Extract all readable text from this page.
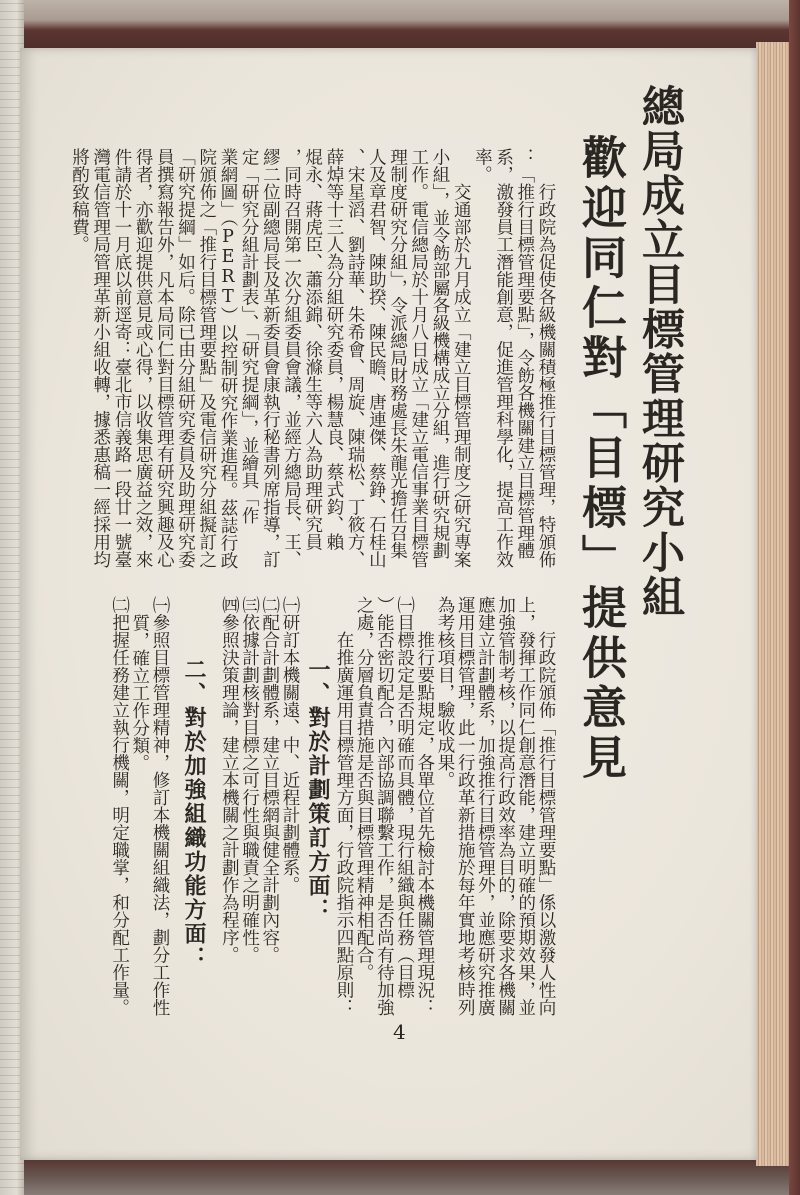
總局成立目標管理研究小組
歡迎同仁對「目標」提供意見
行政院為促使各級機關積極推行目標管理，特頒佈
：「推行目標管理要點」，令飭各機關建立目標管理體
系，激發員工潛能創意，促進管理科學化，提高工作效
率。
交通部於九月成立「建立目標管理制度之研究專案
小組」，並令飭部屬各級機構成立分組，進行研究規劃
工作。電信總局於十月八日成立「建立電信事業目標管
理制度研究分組」，令派總局財務處長朱龍光擔任召集
人及章君智、陳助揆、陳民瞻、唐連傑、蔡錚、石桂山
、宋星滔、劉詩華、朱希會、周旋、陳瑞松、丁筱方、
薛焯等十三人為分組研究委員，楊慧良、蔡式鈞、賴
焜永、蔣虎臣、蕭添錦、徐滌生等六人為助理研究員
，同時召開第一次分組委員會議，並經方總局長、王、
繆二位副總局長及革新委員會康執行秘書列席指導，訂
定「研究分組計劃表」、「研究提綱」，並繪具「作
業網圖」（PERT）以控制研究作業進程。茲誌行政
院頒佈之「推行目標管理要點」及電信研究分組擬訂之
「研究提綱」如后。除已由分組研究委員及助理研究委
員撰寫報告外，凡本局同仁對目標管理有研究興趣及心
得者，亦歡迎提供意見或心得，以收集思廣益之效，來
件請於十一月底以前逕寄：臺北市信義路一段廿一號臺
灣電信管理局管理革新小組收轉，據悉惠稿一經採用均
將酌致稿費。
行政院頒佈「推行目標管理要點」係以激發人性向
上，發揮工作同仁創意潛能，建立明確的預期效果，並
加強管制考核，以提高行政效率為目的，除要求各機關
應建立計劃體系，加強推行目標管理外，並應研究推廣
運用目標管理，此一行政革新措施於每年實地考核時列
為考核項目，驗收成果。
推行要點規定，各單位首先檢討本機關管理現況：
㈠目標設定是否明確而具體，現行組織與任務（目標
）能否密切配合，內部協調聯繫工作，是否尚有待加強
之處，分層負責措施是否與目標管理精神相配合。
在推廣運用目標管理方面，行政院指示四點原則：
一、對於計劃策訂方面：
㈠研訂本機關遠、中、近程計劃體系。
㈡配合計劃體系，建立目標網與健全計劃內容。
㈢依據計劃核對目標之可行性與職責之明確性。
㈣參照決策理論，建立本機關之計劃作為程序。
二、對於加強組織功能方面：
㈠參照目標管理精神，修訂本機關組織法，劃分工作性
質，確立工作分類。
㈡把握任務建立執行機關，明定職掌，和分配工作量。
4
